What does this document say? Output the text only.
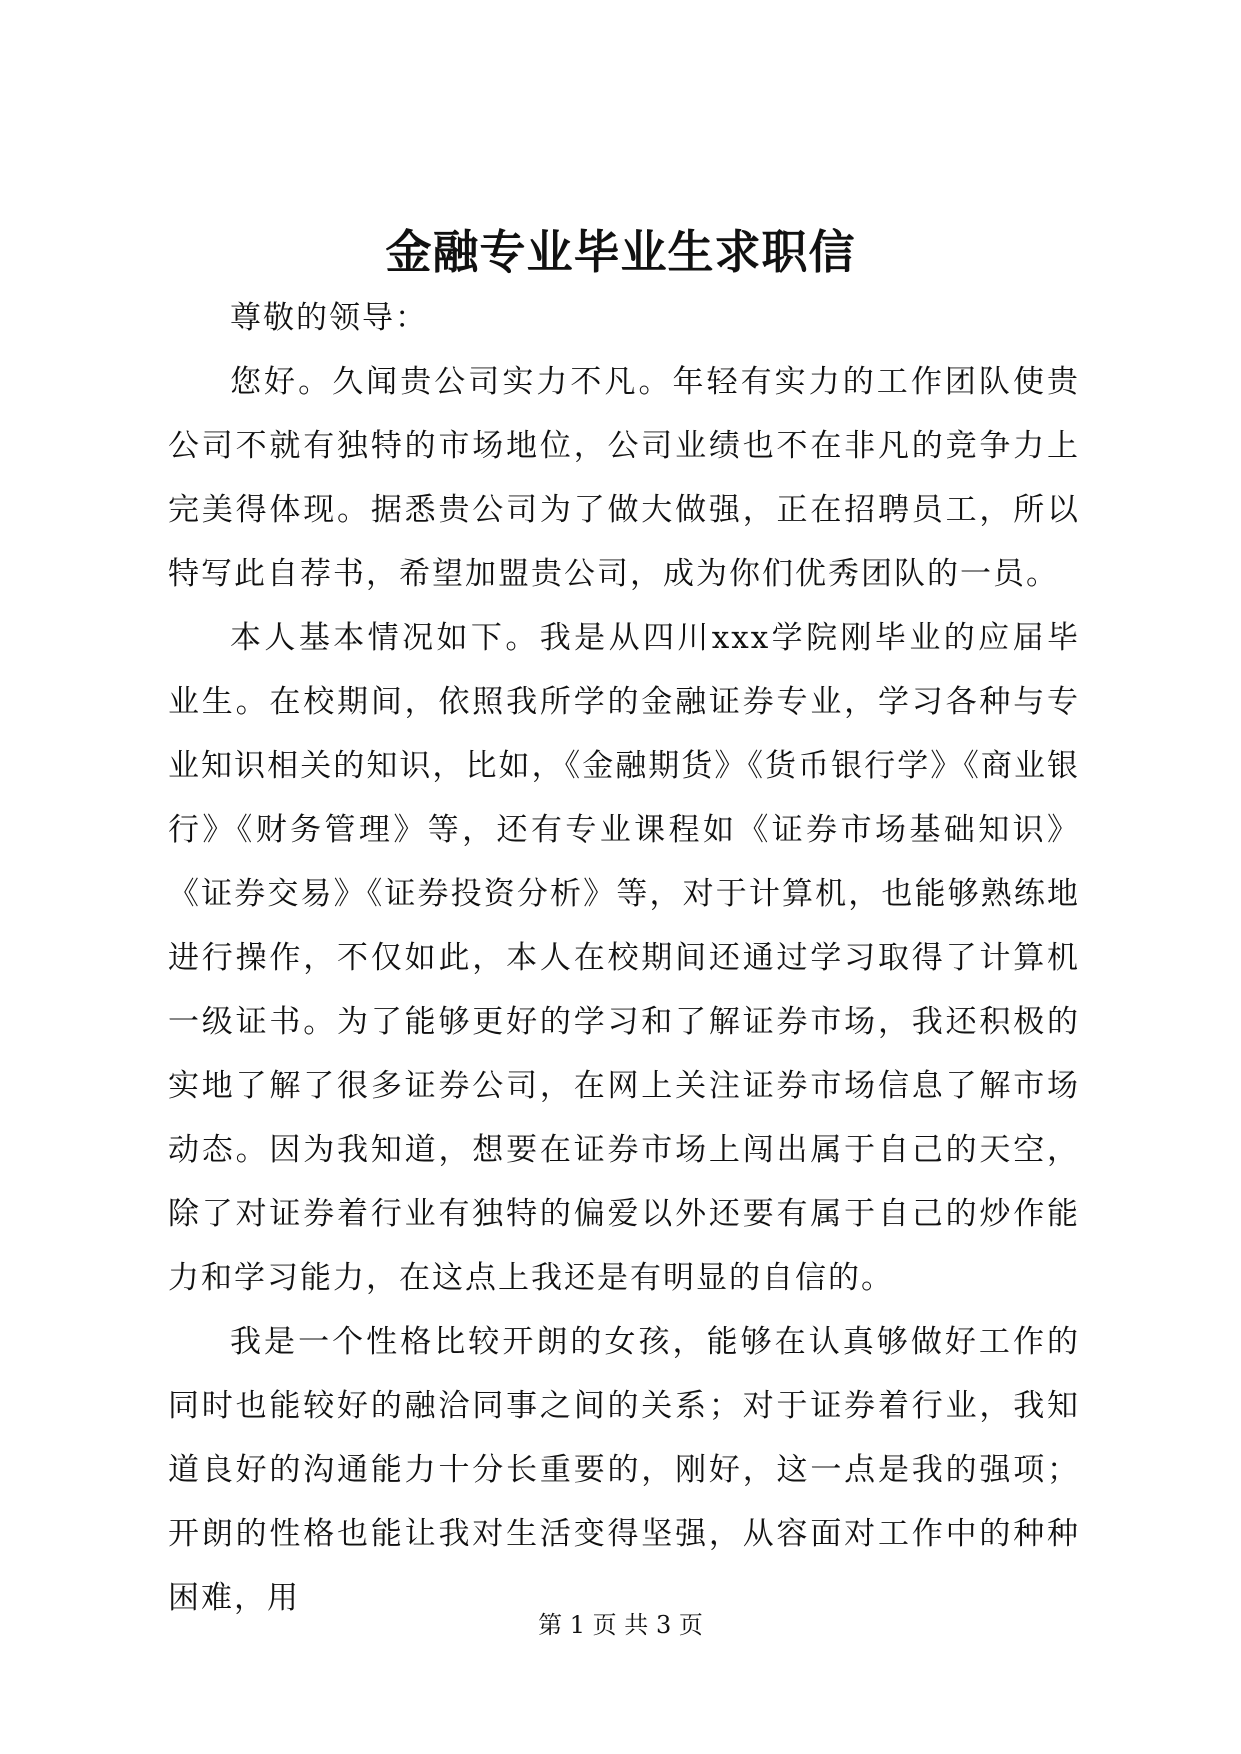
金融专业毕业生求职信

尊敬的领导：

您好。久闻贵公司实力不凡。年轻有实力的工作团队使贵公司不就有独特的市场地位，公司业绩也不在非凡的竞争力上完美得体现。据悉贵公司为了做大做强，正在招聘员工，所以特写此自荐书，希望加盟贵公司，成为你们优秀团队的一员。

本人基本情况如下。我是从四川xxx学院刚毕业的应届毕业生。在校期间，依照我所学的金融证券专业，学习各种与专业知识相关的知识，比如，《金融期货》《货币银行学》《商业银行》《财务管理》等，还有专业课程如《证券市场基础知识》《证券交易》《证券投资分析》等，对于计算机，也能够熟练地进行操作，不仅如此，本人在校期间还通过学习取得了计算机一级证书。为了能够更好的学习和了解证券市场，我还积极的实地了解了很多证券公司，在网上关注证券市场信息了解市场动态。因为我知道，想要在证券市场上闯出属于自己的天空，除了对证券着行业有独特的偏爱以外还要有属于自己的炒作能力和学习能力，在这点上我还是有明显的自信的。

我是一个性格比较开朗的女孩，能够在认真够做好工作的同时也能较好的融洽同事之间的关系；对于证券着行业，我知道良好的沟通能力十分长重要的，刚好，这一点是我的强项；开朗的性格也能让我对生活变得坚强，从容面对工作中的种种困难，用

第 1 页 共 3 页
